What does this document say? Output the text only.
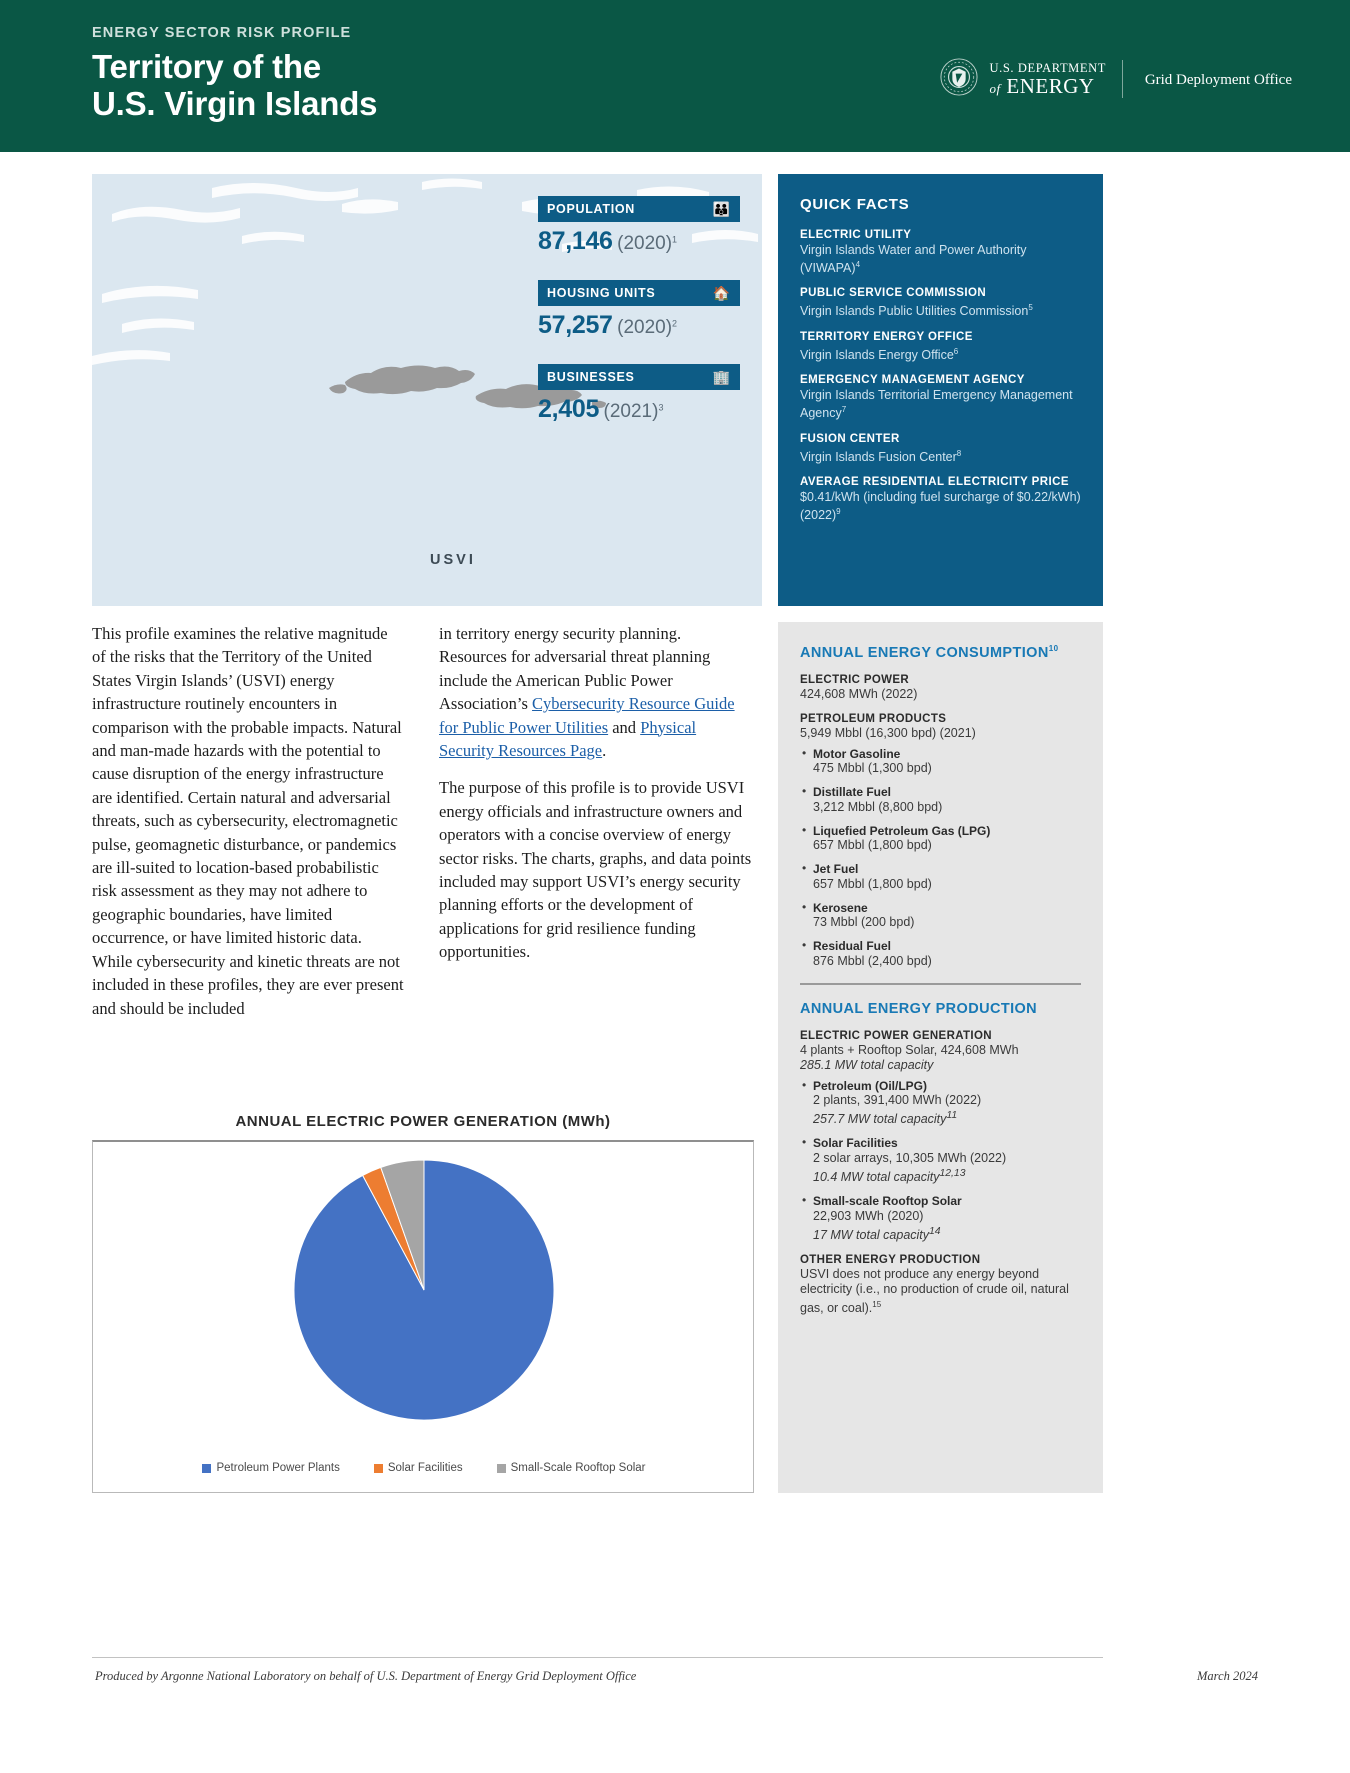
ENERGY SECTOR RISK PROFILE
Territory of the
U.S. Virgin Islands
U.S. DEPARTMENT
of ENERGY	Grid Deployment Office
USVI
POPULATION	👪
87,146 $(2020)^1$
HOUSING UNITS	🏠
57,257 $(2020)^2$
BUSINESSES	🏢
2,405 $(2021)^3$
QUICK FACTS
ELECTRIC UTILITY
Virgin Islands Water and Power Authority (VIWAPA)$^4$
PUBLIC SERVICE COMMISSION
Virgin Islands Public Utilities Commission$^5$
TERRITORY ENERGY OFFICE
Virgin Islands Energy Office$^6$
EMERGENCY MANAGEMENT AGENCY
Virgin Islands Territorial Emergency Management Agency$^7$
FUSION CENTER
Virgin Islands Fusion Center$^8$
AVERAGE RESIDENTIAL ELECTRICITY PRICE
$0.41/kWh (including fuel surcharge of $0.22/kWh) $(2022)^9$

This profile examines the relative magnitude of the risks that the Territory of the United States Virgin Islands’ (USVI) energy infrastructure routinely encounters in comparison with the probable impacts. Natural and man-made hazards with the potential to cause disruption of the energy infrastructure are identified. Certain natural and adversarial threats, such as cybersecurity, electromagnetic pulse, geomagnetic disturbance, or pandemics are ill-suited to location-based probabilistic risk assessment as they may not adhere to geographic boundaries, have limited occurrence, or have limited historic data. While cybersecurity and kinetic threats are not included in these profiles, they are ever present and should be included

in territory energy security planning. Resources for adversarial threat planning include the American Public Power Association’s Cybersecurity Resource Guide for Public Power Utilities and Physical Security Resources Page.

The purpose of this profile is to provide USVI energy officials and infrastructure owners and operators with a concise overview of energy sector risks. The charts, graphs, and data points included may support USVI’s energy security planning efforts or the development of applications for grid resilience funding opportunities.

ANNUAL ELECTRIC POWER GENERATION (MWh)
Petroleum Power Plants	Solar Facilities	Small-Scale Rooftop Solar
ANNUAL ENERGY CONSUMPTION$^{10}$
ELECTRIC POWER
424,608 MWh (2022)
PETROLEUM PRODUCTS
5,949 Mbbl (16,300 bpd) (2021)
• Motor Gasoline
475 Mbbl (1,300 bpd)
• Distillate Fuel
3,212 Mbbl (8,800 bpd)
• Liquefied Petroleum Gas (LPG)
657 Mbbl (1,800 bpd)
• Jet Fuel
657 Mbbl (1,800 bpd)
• Kerosene
73 Mbbl (200 bpd)
• Residual Fuel
876 Mbbl (2,400 bpd)
ANNUAL ENERGY PRODUCTION
ELECTRIC POWER GENERATION
4 plants + Rooftop Solar, 424,608 MWh
285.1 MW total capacity
• Petroleum (Oil/LPG)
2 plants, 391,400 MWh (2022)
257.7 MW total capacity$^{11}$
• Solar Facilities
2 solar arrays, 10,305 MWh (2022)
10.4 MW total capacity$^{12,13}$
• Small-scale Rooftop Solar
22,903 MWh (2020)
17 MW total capacity$^{14}$
OTHER ENERGY PRODUCTION
USVI does not produce any energy beyond electricity (i.e., no production of crude oil, natural gas, or coal).$^{15}$
Produced by Argonne National Laboratory on behalf of U.S. Department of Energy Grid Deployment Office	March 2024
